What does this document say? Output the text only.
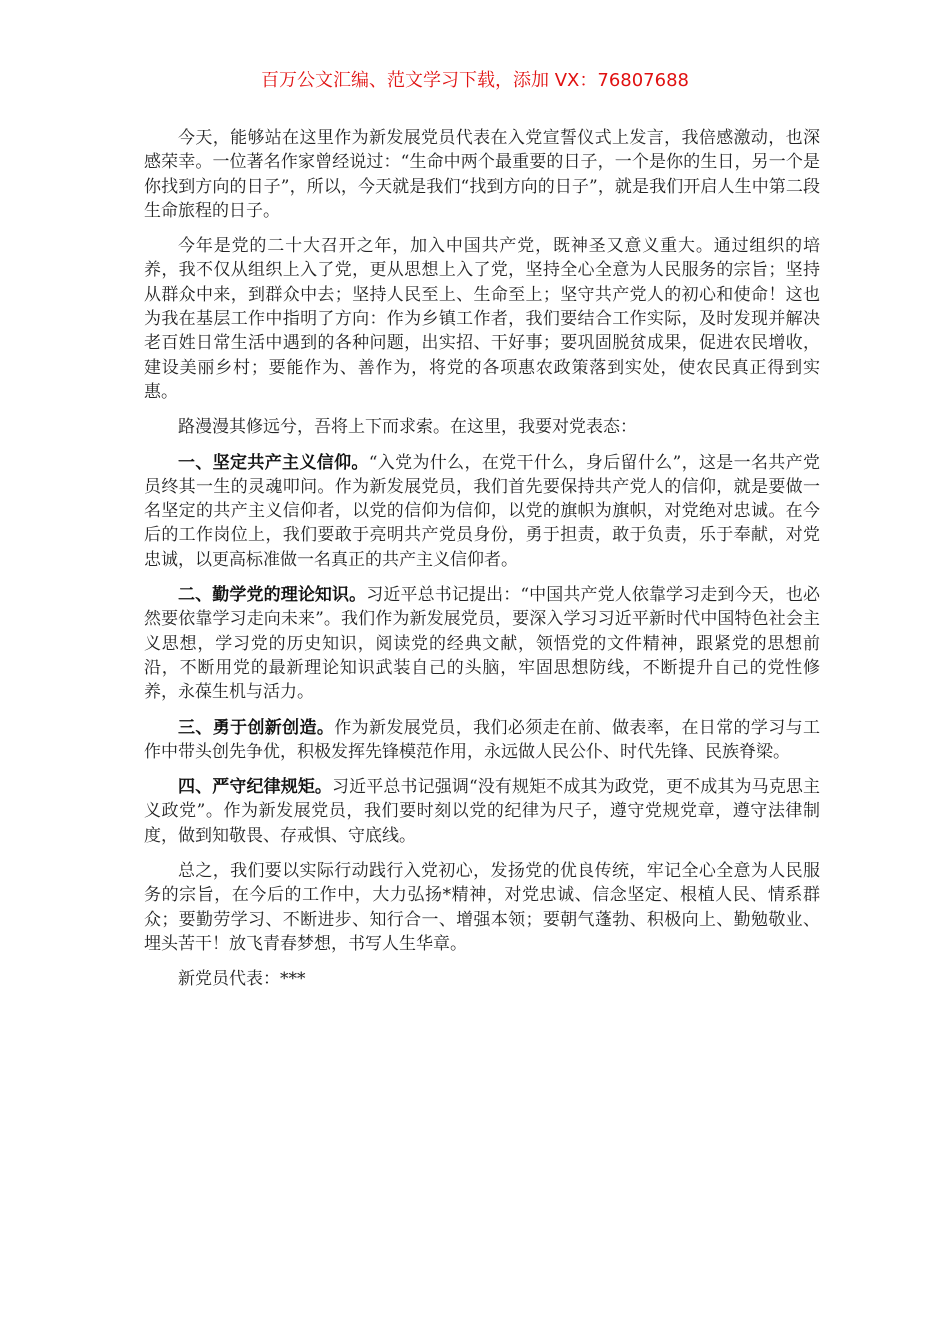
百万公文汇编、范文学习下载，添加 VX：76807688

今天，能够站在这里作为新发展党员代表在入党宣誓仪式上发言，我倍感激动，也深感荣幸。一位著名作家曾经说过：“生命中两个最重要的日子，一个是你的生日，另一个是你找到方向的日子”，所以，今天就是我们“找到方向的日子”，就是我们开启人生中第二段生命旅程的日子。

今年是党的二十大召开之年，加入中国共产党，既神圣又意义重大。通过组织的培养，我不仅从组织上入了党，更从思想上入了党，坚持全心全意为人民服务的宗旨；坚持从群众中来，到群众中去；坚持人民至上、生命至上；坚守共产党人的初心和使命！这也为我在基层工作中指明了方向：作为乡镇工作者，我们要结合工作实际，及时发现并解决老百姓日常生活中遇到的各种问题，出实招、干好事；要巩固脱贫成果，促进农民增收，建设美丽乡村；要能作为、善作为，将党的各项惠农政策落到实处，使农民真正得到实惠。

路漫漫其修远兮，吾将上下而求索。在这里，我要对党表态：

一、坚定共产主义信仰。“入党为什么，在党干什么，身后留什么”，这是一名共产党员终其一生的灵魂叩问。作为新发展党员，我们首先要保持共产党人的信仰，就是要做一名坚定的共产主义信仰者，以党的信仰为信仰，以党的旗帜为旗帜，对党绝对忠诚。在今后的工作岗位上，我们要敢于亮明共产党员身份，勇于担责，敢于负责，乐于奉献，对党忠诚，以更高标准做一名真正的共产主义信仰者。

二、勤学党的理论知识。习近平总书记提出：“中国共产党人依靠学习走到今天，也必然要依靠学习走向未来”。我们作为新发展党员，要深入学习习近平新时代中国特色社会主义思想，学习党的历史知识，阅读党的经典文献，领悟党的文件精神，跟紧党的思想前沿，不断用党的最新理论知识武装自己的头脑，牢固思想防线，不断提升自己的党性修养，永葆生机与活力。

三、勇于创新创造。作为新发展党员，我们必须走在前、做表率，在日常的学习与工作中带头创先争优，积极发挥先锋模范作用，永远做人民公仆、时代先锋、民族脊梁。

四、严守纪律规矩。习近平总书记强调“没有规矩不成其为政党，更不成其为马克思主义政党”。作为新发展党员，我们要时刻以党的纪律为尺子，遵守党规党章，遵守法律制度，做到知敬畏、存戒惧、守底线。

总之，我们要以实际行动践行入党初心，发扬党的优良传统，牢记全心全意为人民服务的宗旨，在今后的工作中，大力弘扬*精神，对党忠诚、信念坚定、根植人民、情系群众；要勤劳学习、不断进步、知行合一、增强本领；要朝气蓬勃、积极向上、勤勉敬业、埋头苦干！放飞青春梦想，书写人生华章。

新党员代表：***
